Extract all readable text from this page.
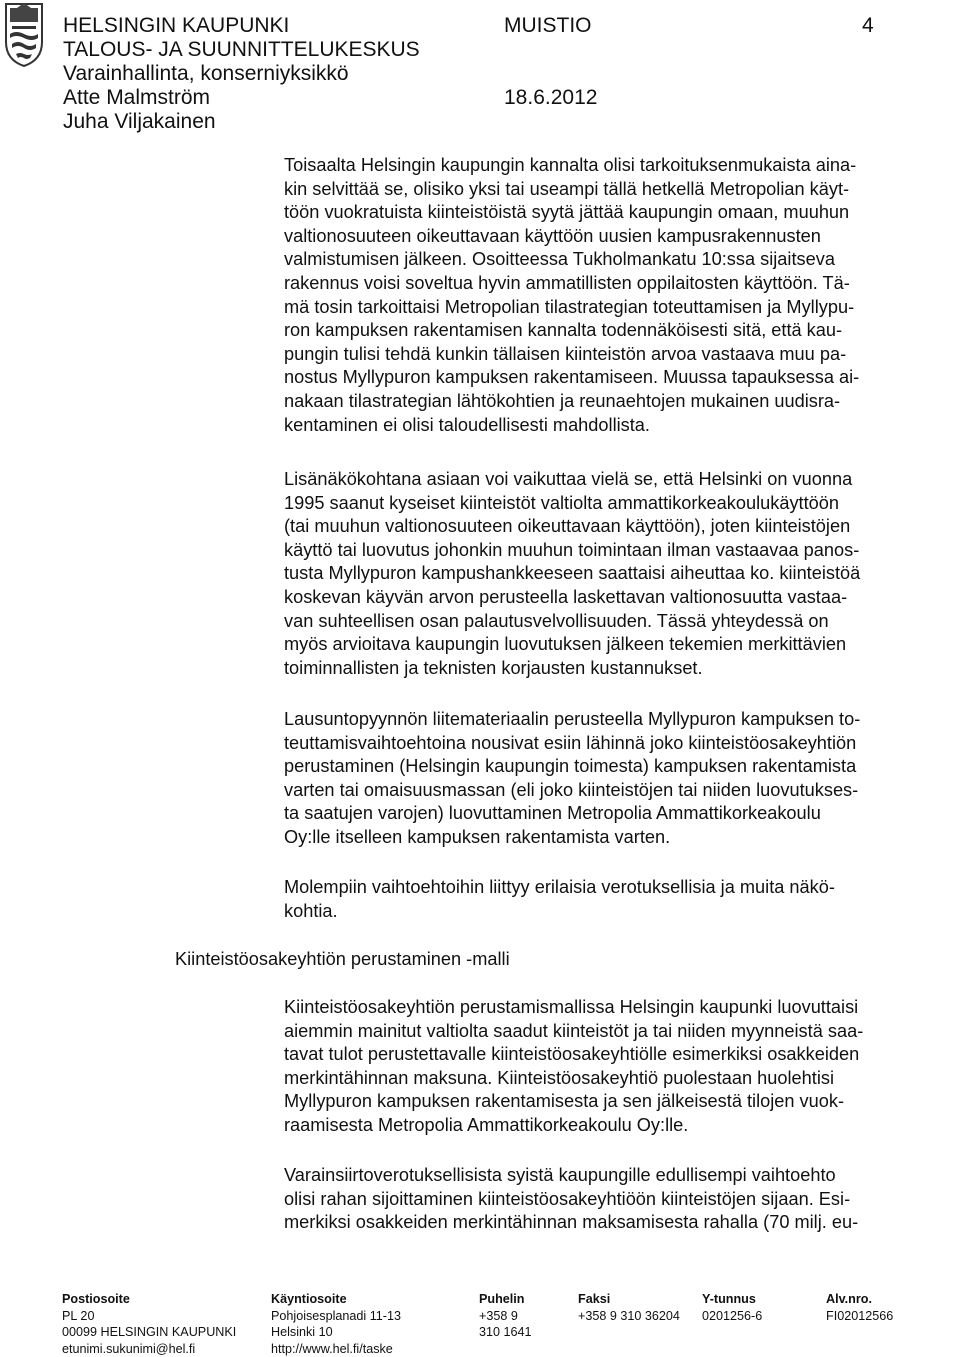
HELSINGIN KAUPUNKI
TALOUS- JA SUUNNITTELUKESKUS
Varainhallinta, konserniyksikkö
Atte Malmström
Juha Viljakainen
MUISTIO
18.6.2012
4
Toisaalta Helsingin kaupungin kannalta olisi tarkoituksenmukaista aina-
kin selvittää se, olisiko yksi tai useampi tällä hetkellä Metropolian käyt-
töön vuokratuista kiinteistöistä syytä jättää kaupungin omaan, muuhun
valtionosuuteen oikeuttavaan käyttöön uusien kampusrakennusten
valmistumisen jälkeen. Osoitteessa Tukholmankatu 10:ssa sijaitseva
rakennus voisi soveltua hyvin ammatillisten oppilaitosten käyttöön. Tä-
mä tosin tarkoittaisi Metropolian tilastrategian toteuttamisen ja Myllypu-
ron kampuksen rakentamisen kannalta todennäköisesti sitä, että kau-
pungin tulisi tehdä kunkin tällaisen kiinteistön arvoa vastaava muu pa-
nostus Myllypuron kampuksen rakentamiseen. Muussa tapauksessa ai-
nakaan tilastrategian lähtökohtien ja reunaehtojen mukainen uudisra-
kentaminen ei olisi taloudellisesti mahdollista.
Lisänäkökohtana asiaan voi vaikuttaa vielä se, että Helsinki on vuonna
1995 saanut kyseiset kiinteistöt valtiolta ammattikorkeakoulukäyttöön
(tai muuhun valtionosuuteen oikeuttavaan käyttöön), joten kiinteistöjen
käyttö tai luovutus johonkin muuhun toimintaan ilman vastaavaa panos-
tusta Myllypuron kampushankkeeseen saattaisi aiheuttaa ko. kiinteistöä
koskevan käyvän arvon perusteella laskettavan valtionosuutta vastaa-
van suhteellisen osan palautusvelvollisuuden. Tässä yhteydessä on
myös arvioitava kaupungin luovutuksen jälkeen tekemien merkittävien
toiminnallisten ja teknisten korjausten kustannukset.
Lausuntopyynnön liitemateriaalin perusteella Myllypuron kampuksen to-
teuttamisvaihtoehtoina nousivat esiin lähinnä joko kiinteistöosakeyhtiön
perustaminen (Helsingin kaupungin toimesta) kampuksen rakentamista
varten tai omaisuusmassan (eli joko kiinteistöjen tai niiden luovutukses-
ta saatujen varojen) luovuttaminen Metropolia Ammattikorkeakoulu
Oy:lle itselleen kampuksen rakentamista varten.
Molempiin vaihtoehtoihin liittyy erilaisia verotuksellisia ja muita näkö-
kohtia.
Kiinteistöosakeyhtiön perustaminen -malli
Kiinteistöosakeyhtiön perustamismallissa Helsingin kaupunki luovuttaisi
aiemmin mainitut valtiolta saadut kiinteistöt ja tai niiden myynneistä saa-
tavat tulot perustettavalle kiinteistöosakeyhtiölle esimerkiksi osakkeiden
merkintähinnan maksuna. Kiinteistöosakeyhtiö puolestaan huolehtisi
Myllypuron kampuksen rakentamisesta ja sen jälkeisestä tilojen vuok-
raamisesta Metropolia Ammattikorkeakoulu Oy:lle.
Varainsiirtoverotuksellisista syistä kaupungille edullisempi vaihtoehto
olisi rahan sijoittaminen kiinteistöosakeyhtiöön kiinteistöjen sijaan. Esi-
merkiksi osakkeiden merkintähinnan maksamisesta rahalla (70 milj. eu-
Postiosoite
PL 20
00099 HELSINGIN KAUPUNKI
etunimi.sukunimi@hel.fi
Käyntiosoite
Pohjoisesplanadi 11-13
Helsinki 10
http://www.hel.fi/taske
Puhelin
+358 9
310 1641
Faksi
+358 9 310 36204
Y-tunnus
0201256-6
Alv.nro.
FI02012566
